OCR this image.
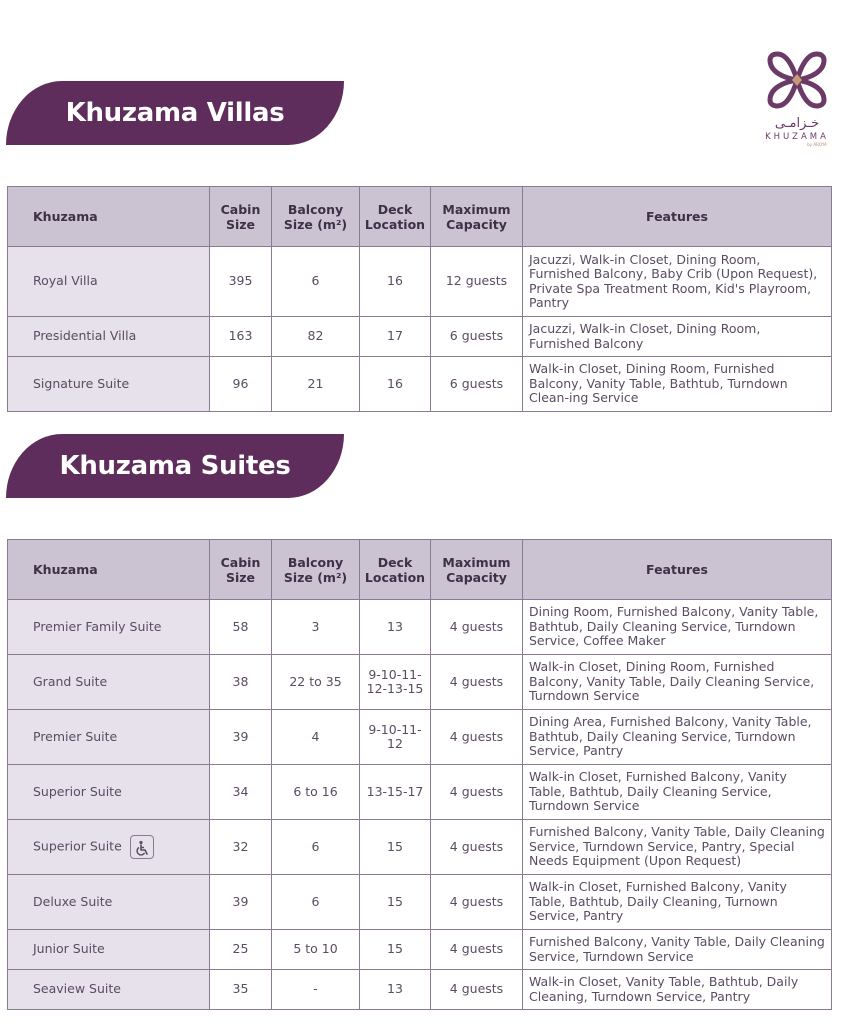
Khuzama Villas	خـزامـى
KHUZAMA
by AROYA
Khuzama	Cabin Size	Balcony Size (m²)	Deck Location	Maximum Capacity	Features
Royal Villa	395	6	16	12 guests	Jacuzzi, Walk-in Closet, Dining Room, Furnished Balcony, Baby Crib (Upon Request), Private Spa Treatment Room, Kid's Playroom, Pantry
Presidential Villa	163	82	17	6 guests	Jacuzzi, Walk-in Closet, Dining Room, Furnished Balcony
Signature Suite	96	21	16	6 guests	Walk-in Closet, Dining Room, Furnished Balcony, Vanity Table, Bathtub, Turndown Clean-ing Service
Khuzama Suites
Khuzama	Cabin Size	Balcony Size (m²)	Deck Location	Maximum Capacity	Features
Premier Family Suite	58	3	13	4 guests	Dining Room, Furnished Balcony, Vanity Table, Bathtub, Daily Cleaning Service, Turndown Service, Coffee Maker
Grand Suite	38	22 to 35	9-10-11-12-13-15	4 guests	Walk-in Closet, Dining Room, Furnished Balcony, Vanity Table, Daily Cleaning Service, Turndown Service
Premier Suite	39	4	9-10-11-12	4 guests	Dining Area, Furnished Balcony, Vanity Table, Bathtub, Daily Cleaning Service, Turndown Service, Pantry
Superior Suite	34	6 to 16	13-15-17	4 guests	Walk-in Closet, Furnished Balcony, Vanity Table, Bathtub, Daily Cleaning Service, Turndown Service
Superior Suite	32	6	15	4 guests	Furnished Balcony, Vanity Table, Daily Cleaning Service, Turndown Service, Pantry, Special Needs Equipment (Upon Request)
Deluxe Suite	39	6	15	4 guests	Walk-in Closet, Furnished Balcony, Vanity Table, Bathtub, Daily Cleaning, Turnown Service, Pantry
Junior Suite	25	5 to 10	15	4 guests	Furnished Balcony, Vanity Table, Daily Cleaning Service, Turndown Service
Seaview Suite	35	-	13	4 guests	Walk-in Closet, Vanity Table, Bathtub, Daily Cleaning, Turndown Service, Pantry
